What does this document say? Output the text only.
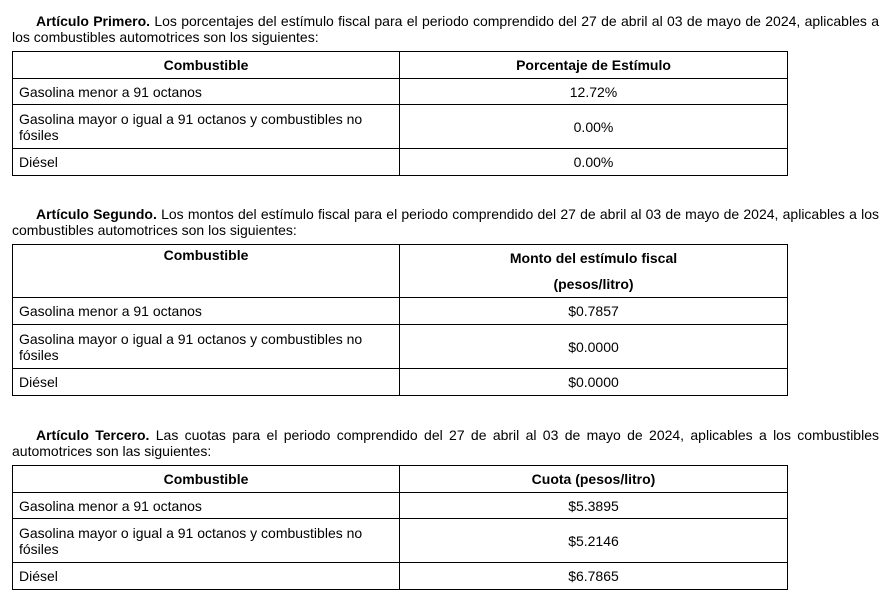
Artículo Primero. Los porcentajes del estímulo fiscal para el periodo comprendido del 27 de abril al 03 de mayo de 2024, aplicables a los combustibles automotrices son los siguientes:

Combustible	Porcentaje de Estímulo
Gasolina menor a 91 octanos	12.72%
Gasolina mayor o igual a 91 octanos y combustibles no fósiles	0.00%
Diésel	0.00%

Artículo Segundo. Los montos del estímulo fiscal para el periodo comprendido del 27 de abril al 03 de mayo de 2024, aplicables a los combustibles automotrices son los siguientes:

Combustible	Monto del estímulo fiscal
(pesos/litro)

Gasolina menor a 91 octanos	$0.7857
Gasolina mayor o igual a 91 octanos y combustibles no fósiles	$0.0000
Diésel	$0.0000

Artículo Tercero. Las cuotas para el periodo comprendido del 27 de abril al 03 de mayo de 2024, aplicables a los combustibles automotrices son las siguientes:

Combustible	Cuota (pesos/litro)
Gasolina menor a 91 octanos	$5.3895
Gasolina mayor o igual a 91 octanos y combustibles no fósiles	$5.2146
Diésel	$6.7865
